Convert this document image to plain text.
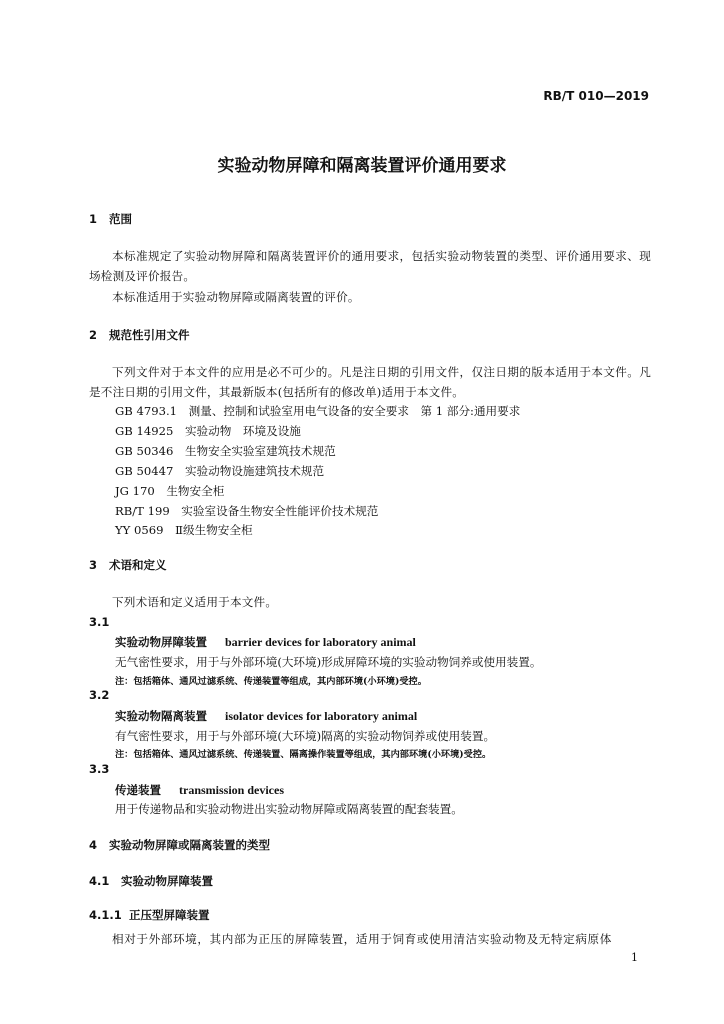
RB/T 010—2019
实验动物屏障和隔离装置评价通用要求
1 范围
本标准规定了实验动物屏障和隔离装置评价的通用要求，包括实验动物装置的类型、评价通用要求、现场检测及评价报告。
本标准适用于实验动物屏障或隔离装置的评价。
2 规范性引用文件
下列文件对于本文件的应用是必不可少的。凡是注日期的引用文件，仅注日期的版本适用于本文件。凡是不注日期的引用文件，其最新版本(包括所有的修改单)适用于本文件。
GB 4793.1　测量、控制和试验室用电气设备的安全要求　第 1 部分:通用要求
GB 14925　实验动物　环境及设施
GB 50346　生物安全实验室建筑技术规范
GB 50447　实验动物设施建筑技术规范
JG 170　生物安全柜
RB/T 199　实验室设备生物安全性能评价技术规范
YY 0569　Ⅱ级生物安全柜
3 术语和定义
下列术语和定义适用于本文件。
3.1
实验动物屏障装置 barrier devices for laboratory animal
无气密性要求，用于与外部环境(大环境)形成屏障环境的实验动物饲养或使用装置。
注：包括箱体、通风过滤系统、传递装置等组成，其内部环境(小环境)受控。
3.2
实验动物隔离装置 isolator devices for laboratory animal
有气密性要求，用于与外部环境(大环境)隔离的实验动物饲养或使用装置。
注：包括箱体、通风过滤系统、传递装置、隔离操作装置等组成，其内部环境(小环境)受控。
3.3
传递装置 transmission devices
用于传递物品和实验动物进出实验动物屏障或隔离装置的配套装置。
4 实验动物屏障或隔离装置的类型
4.1 实验动物屏障装置
4.1.1 正压型屏障装置
相对于外部环境，其内部为正压的屏障装置，适用于饲育或使用清洁实验动物及无特定病原体
1
